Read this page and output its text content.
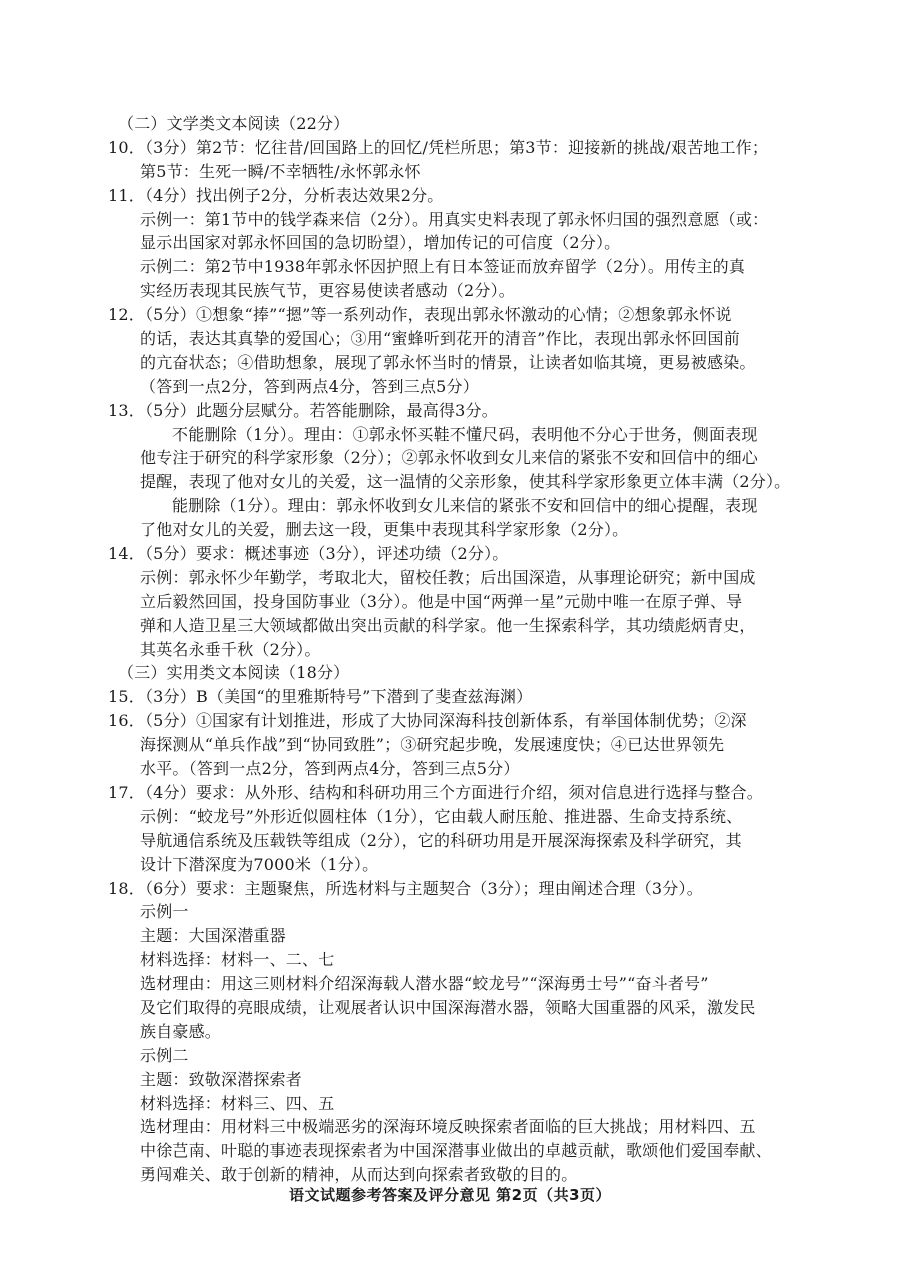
（二）文学类文本阅读（22分）
10．（3分）第2节：忆往昔/回国路上的回忆/凭栏所思；第3节：迎接新的挑战/艰苦地工作；
第5节：生死一瞬/不幸牺牲/永怀郭永怀
11．（4分）找出例子2分，分析表达效果2分。
示例一：第1节中的钱学森来信（2分）。用真实史料表现了郭永怀归国的强烈意愿（或：
显示出国家对郭永怀回国的急切盼望），增加传记的可信度（2分）。
示例二：第2节中1938年郭永怀因护照上有日本签证而放弃留学（2分）。用传主的真
实经历表现其民族气节，更容易使读者感动（2分）。
12．（5分）①想象“捧”“摁”等一系列动作，表现出郭永怀激动的心情；②想象郭永怀说
的话，表达其真挚的爱国心；③用“蜜蜂听到花开的清音”作比，表现出郭永怀回国前
的亢奋状态；④借助想象，展现了郭永怀当时的情景，让读者如临其境，更易被感染。
（答到一点2分，答到两点4分，答到三点5分）
13．（5分）此题分层赋分。若答能删除，最高得3分。
不能删除（1分）。理由：①郭永怀买鞋不懂尺码，表明他不分心于世务，侧面表现
他专注于研究的科学家形象（2分）；②郭永怀收到女儿来信的紧张不安和回信中的细心
提醒，表现了他对女儿的关爱，这一温情的父亲形象，使其科学家形象更立体丰满（2分）。
能删除（1分）。理由：郭永怀收到女儿来信的紧张不安和回信中的细心提醒，表现
了他对女儿的关爱，删去这一段，更集中表现其科学家形象（2分）。
14．（5分）要求：概述事迹（3分），评述功绩（2分）。
示例：郭永怀少年勤学，考取北大，留校任教；后出国深造，从事理论研究；新中国成
立后毅然回国，投身国防事业（3分）。他是中国“两弹一星”元勋中唯一在原子弹、导
弹和人造卫星三大领域都做出突出贡献的科学家。他一生探索科学，其功绩彪炳青史，
其英名永垂千秋（2分）。
（三）实用类文本阅读（18分）
15．（3分）B（美国“的里雅斯特号”下潜到了斐查兹海渊）
16．（5分）①国家有计划推进，形成了大协同深海科技创新体系，有举国体制优势；②深
海探测从“单兵作战”到“协同致胜”；③研究起步晚，发展速度快；④已达世界领先
水平。（答到一点2分，答到两点4分，答到三点5分）
17．（4分）要求：从外形、结构和科研功用三个方面进行介绍，须对信息进行选择与整合。
示例：“蛟龙号”外形近似圆柱体（1分），它由载人耐压舱、推进器、生命支持系统、
导航通信系统及压载铁等组成（2分），它的科研功用是开展深海探索及科学研究，其
设计下潜深度为7000米（1分）。
18．（6分）要求：主题聚焦，所选材料与主题契合（3分）；理由阐述合理（3分）。
示例一
主题：大国深潜重器
材料选择：材料一、二、七
选材理由：用这三则材料介绍深海载人潜水器“蛟龙号”“深海勇士号”“奋斗者号”
及它们取得的亮眼成绩，让观展者认识中国深海潜水器，领略大国重器的风采，激发民
族自豪感。
示例二
主题：致敬深潜探索者
材料选择：材料三、四、五
选材理由：用材料三中极端恶劣的深海环境反映探索者面临的巨大挑战；用材料四、五
中徐芑南、叶聪的事迹表现探索者为中国深潜事业做出的卓越贡献，歌颂他们爱国奉献、
勇闯难关、敢于创新的精神，从而达到向探索者致敬的目的。
语文试题参考答案及评分意见 第2页（共3页）
